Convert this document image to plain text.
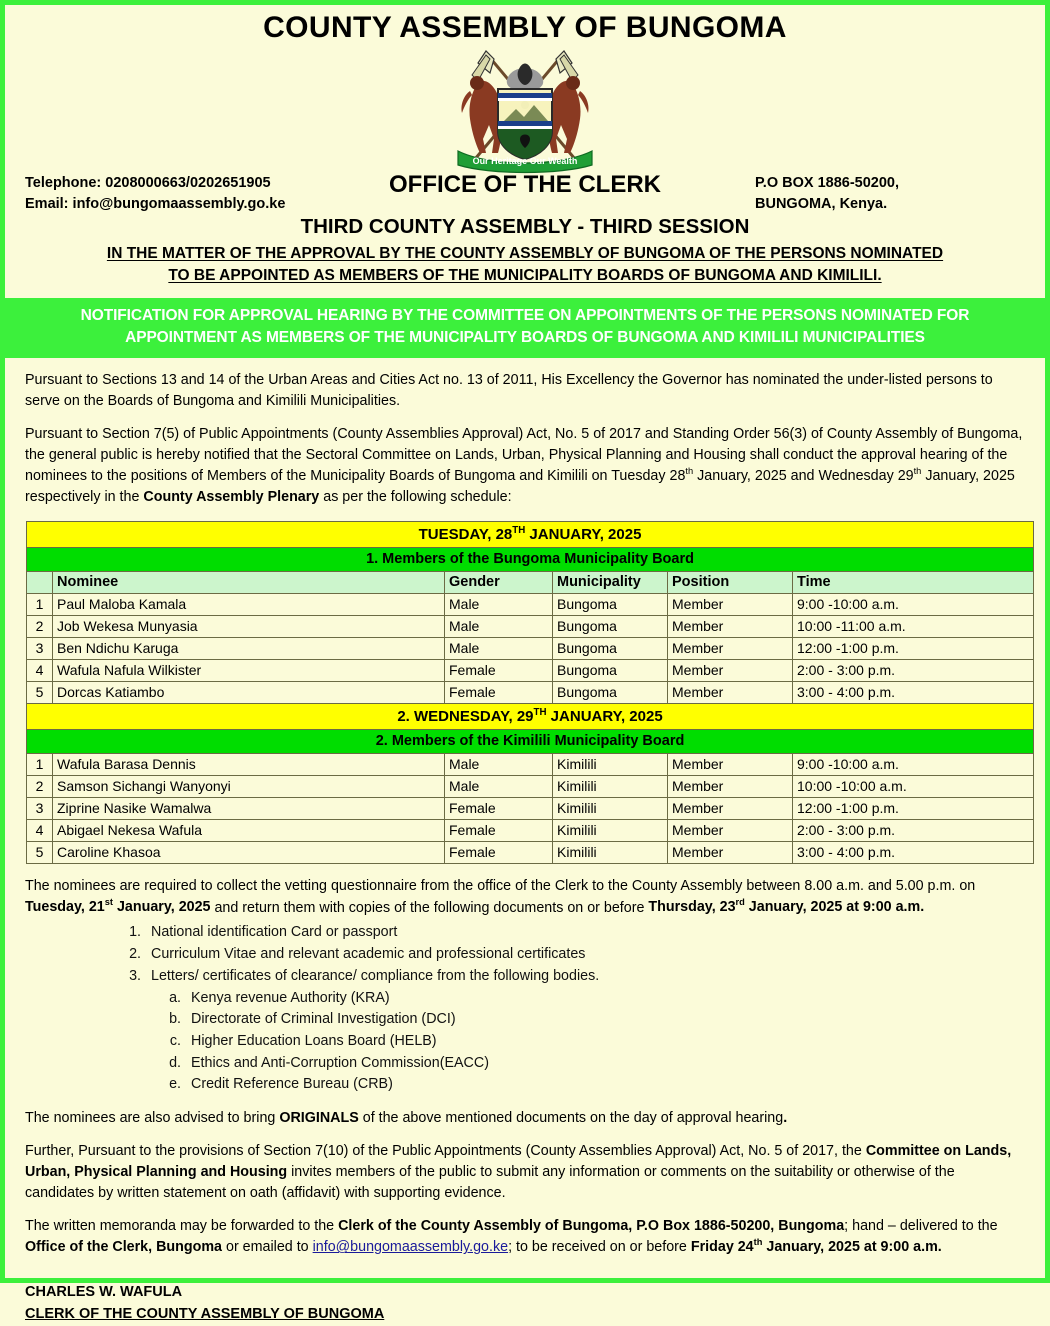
COUNTY ASSEMBLY OF BUNGOMA
Our Heritage Our Wealth
OFFICE OF THE CLERK
Telephone: 0208000663/0202651905
Email: info@bungomaassembly.go.ke
P.O BOX 1886-50200,
BUNGOMA, Kenya.
THIRD COUNTY ASSEMBLY - THIRD SESSION
IN THE MATTER OF THE APPROVAL BY THE COUNTY ASSEMBLY OF BUNGOMA OF THE PERSONS NOMINATED
TO BE APPOINTED AS MEMBERS OF THE MUNICIPALITY BOARDS OF BUNGOMA AND KIMILILI.
NOTIFICATION FOR APPROVAL HEARING BY THE COMMITTEE ON APPOINTMENTS OF THE PERSONS NOMINATED FOR
APPOINTMENT AS MEMBERS OF THE MUNICIPALITY BOARDS OF BUNGOMA AND KIMILILI MUNICIPALITIES

Pursuant to Sections 13 and 14 of the Urban Areas and Cities Act no. 13 of 2011, His Excellency the Governor has nominated the under-listed persons to serve on the Boards of Bungoma and Kimilili Municipalities.

Pursuant to Section 7(5) of Public Appointments (County Assemblies Approval) Act, No. 5 of 2017 and Standing Order 56(3) of County Assembly of Bungoma, the general public is hereby notified that the Sectoral Committee on Lands, Urban, Physical Planning and Housing shall conduct the approval hearing of the nominees to the positions of Members of the Municipality Boards of Bungoma and Kimilili on Tuesday 28th January, 2025 and Wednesday 29th January, 2025 respectively in the County Assembly Plenary as per the following schedule:

TUESDAY, 28TH JANUARY, 2025					
1. Members of the Bungoma Municipality Board					
	Nominee	Gender	Municipality	Position	Time
1	Paul Maloba Kamala	Male	Bungoma	Member	9:00 -10:00 a.m.
2	Job Wekesa Munyasia	Male	Bungoma	Member	10:00 -11:00 a.m.
3	Ben Ndichu Karuga	Male	Bungoma	Member	12:00 -1:00 p.m.
4	Wafula Nafula Wilkister	Female	Bungoma	Member	2:00 - 3:00 p.m.
5	Dorcas Katiambo	Female	Bungoma	Member	3:00 - 4:00 p.m.
2. WEDNESDAY, 29TH JANUARY, 2025					
2. Members of the Kimilili Municipality Board					
1	Wafula Barasa Dennis	Male	Kimilili	Member	9:00 -10:00 a.m.
2	Samson Sichangi Wanyonyi	Male	Kimilili	Member	10:00 -10:00 a.m.
3	Ziprine Nasike Wamalwa	Female	Kimilili	Member	12:00 -1:00 p.m.
4	Abigael Nekesa Wafula	Female	Kimilili	Member	2:00 - 3:00 p.m.
5	Caroline Khasoa	Female	Kimilili	Member	3:00 - 4:00 p.m.

The nominees are required to collect the vetting questionnaire from the office of the Clerk to the County Assembly between 8.00 a.m. and 5.00 p.m. on Tuesday, 21st January, 2025 and return them with copies of the following documents on or before Thursday, 23rd January, 2025 at 9:00 a.m.

1. National identification Card or passport
2. Curriculum Vitae and relevant academic and professional certificates
3. Letters/ certificates of clearance/ compliance from the following bodies.
a. Kenya revenue Authority (KRA)
b. Directorate of Criminal Investigation (DCI)
c. Higher Education Loans Board (HELB)
d. Ethics and Anti-Corruption Commission(EACC)
e. Credit Reference Bureau (CRB)

The nominees are also advised to bring ORIGINALS of the above mentioned documents on the day of approval hearing.

Further, Pursuant to the provisions of Section 7(10) of the Public Appointments (County Assemblies Approval) Act, No. 5 of 2017, the Committee on Lands, Urban, Physical Planning and Housing invites members of the public to submit any information or comments on the suitability or otherwise of the candidates by written statement on oath (affidavit) with supporting evidence.

The written memoranda may be forwarded to the Clerk of the County Assembly of Bungoma, P.O Box 1886-50200, Bungoma; hand – delivered to the Office of the Clerk, Bungoma or emailed to info@bungomaassembly.go.ke; to be received on or before Friday 24th January, 2025 at 9:00 a.m.

CHARLES W. WAFULA
CLERK OF THE COUNTY ASSEMBLY OF BUNGOMA
